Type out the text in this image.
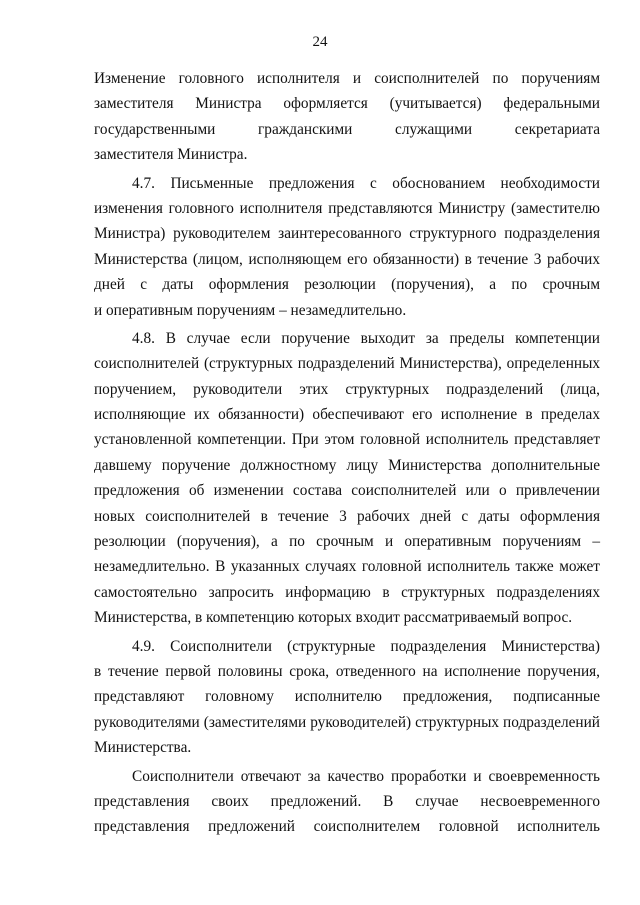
24
Изменение головного исполнителя и соисполнителей по поручениям
заместителя Министра оформляется (учитывается) федеральными
государственными гражданскими служащими секретариата
заместителя Министра.
4.7. Письменные предложения с обоснованием необходимости
изменения головного исполнителя представляются Министру (заместителю
Министра) руководителем заинтересованного структурного подразделения
Министерства (лицом, исполняющем его обязанности) в течение 3 рабочих
дней с даты оформления резолюции (поручения), а по срочным
и оперативным поручениям – незамедлительно.
4.8. В случае если поручение выходит за пределы компетенции
соисполнителей (структурных подразделений Министерства), определенных
поручением, руководители этих структурных подразделений (лица,
исполняющие их обязанности) обеспечивают его исполнение в пределах
установленной компетенции. При этом головной исполнитель представляет
давшему поручение должностному лицу Министерства дополнительные
предложения об изменении состава соисполнителей или о привлечении
новых соисполнителей в течение 3 рабочих дней с даты оформления
резолюции (поручения), а по срочным и оперативным поручениям –
незамедлительно. В указанных случаях головной исполнитель также может
самостоятельно запросить информацию в структурных подразделениях
Министерства, в компетенцию которых входит рассматриваемый вопрос.
4.9. Соисполнители (структурные подразделения Министерства)
в течение первой половины срока, отведенного на исполнение поручения,
представляют головному исполнителю предложения, подписанные
руководителями (заместителями руководителей) структурных подразделений
Министерства.
Соисполнители отвечают за качество проработки и своевременность
представления своих предложений. В случае несвоевременного
представления предложений соисполнителем головной исполнитель
